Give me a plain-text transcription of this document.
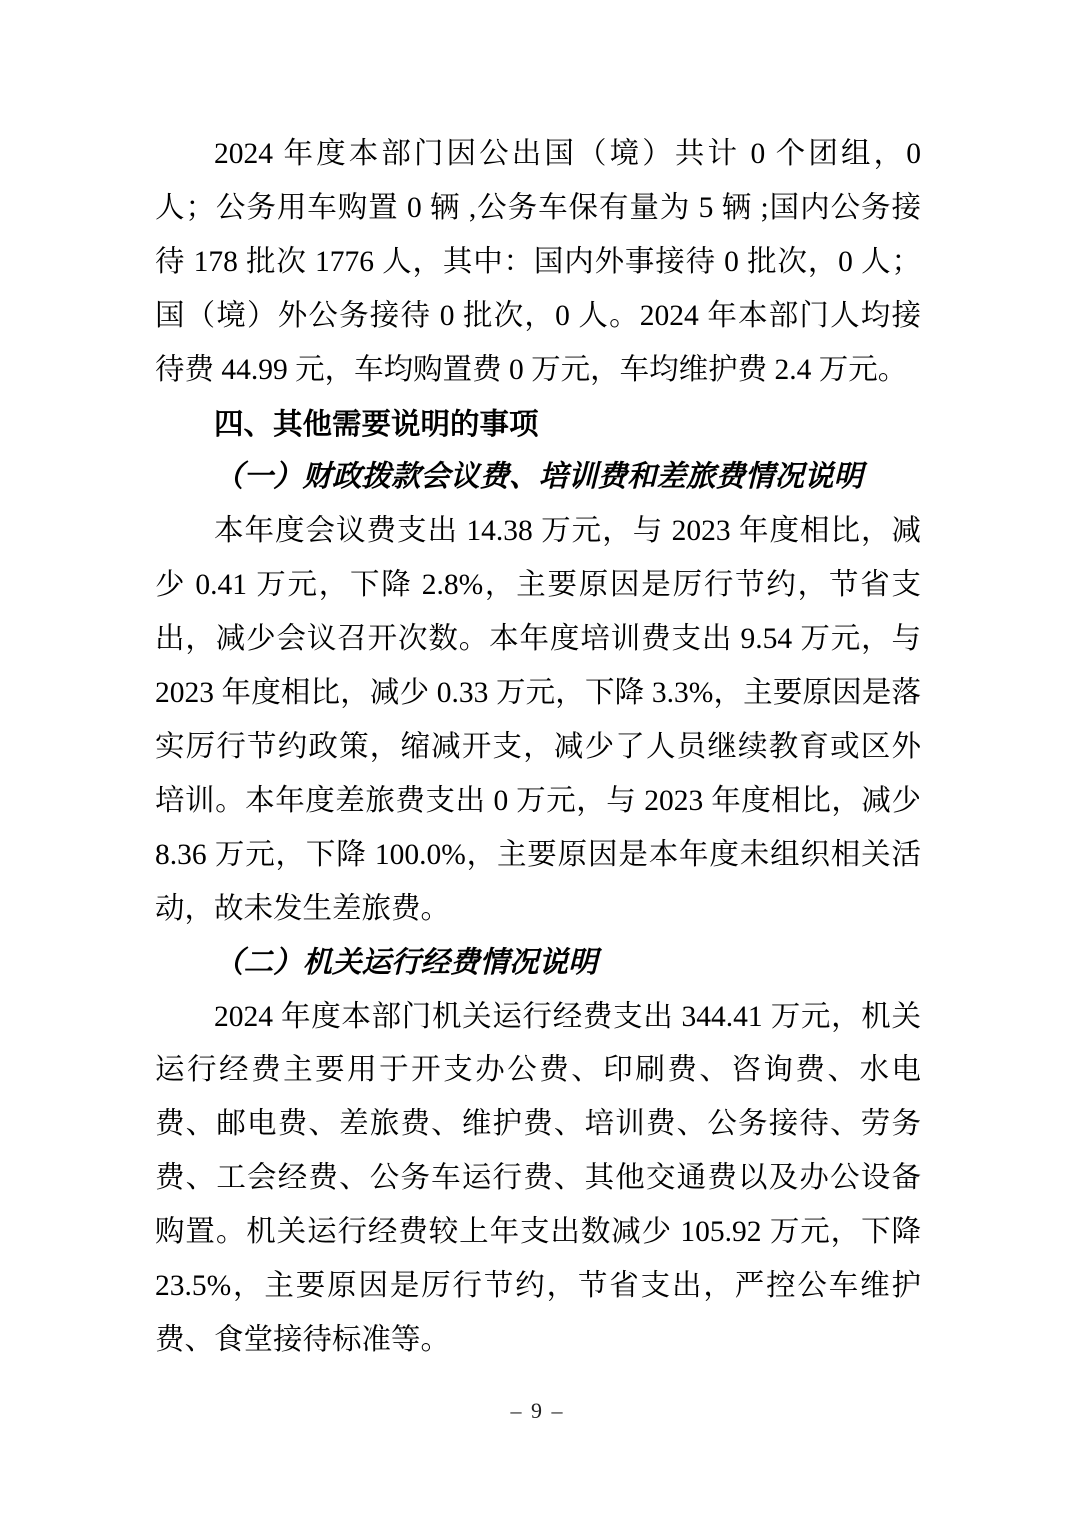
2024 年度本部门因公出国（境）共计 0 个团组，0 人；公务用车购置 0 辆 ,公务车保有量为 5 辆 ;国内公务接待 178 批次 1776 人，其中：国内外事接待 0 批次，0 人；国（境）外公务接待 0 批次，0 人。2024 年本部门人均接待费 44.99 元，车均购置费 0 万元，车均维护费 2.4 万元。

四、其他需要说明的事项

（一）财政拨款会议费、培训费和差旅费情况说明

本年度会议费支出 14.38 万元，与 2023 年度相比，减少 0.41 万元，下降 2.8%，主要原因是厉行节约，节省支出，减少会议召开次数。本年度培训费支出 9.54 万元，与 2023 年度相比，减少 0.33 万元，下降 3.3%，主要原因是落实厉行节约政策，缩减开支，减少了人员继续教育或区外培训。本年度差旅费支出 0 万元，与 2023 年度相比，减少 8.36 万元，下降 100.0%，主要原因是本年度未组织相关活动，故未发生差旅费。

（二）机关运行经费情况说明

2024 年度本部门机关运行经费支出 344.41 万元，机关运行经费主要用于开支办公费、印刷费、咨询费、水电费、邮电费、差旅费、维护费、培训费、公务接待、劳务费、工会经费、公务车运行费、其他交通费以及办公设备购置。机关运行经费较上年支出数减少 105.92 万元，下降 23.5%，主要原因是厉行节约，节省支出，严控公车维护费、食堂接待标准等。

– 9 –
